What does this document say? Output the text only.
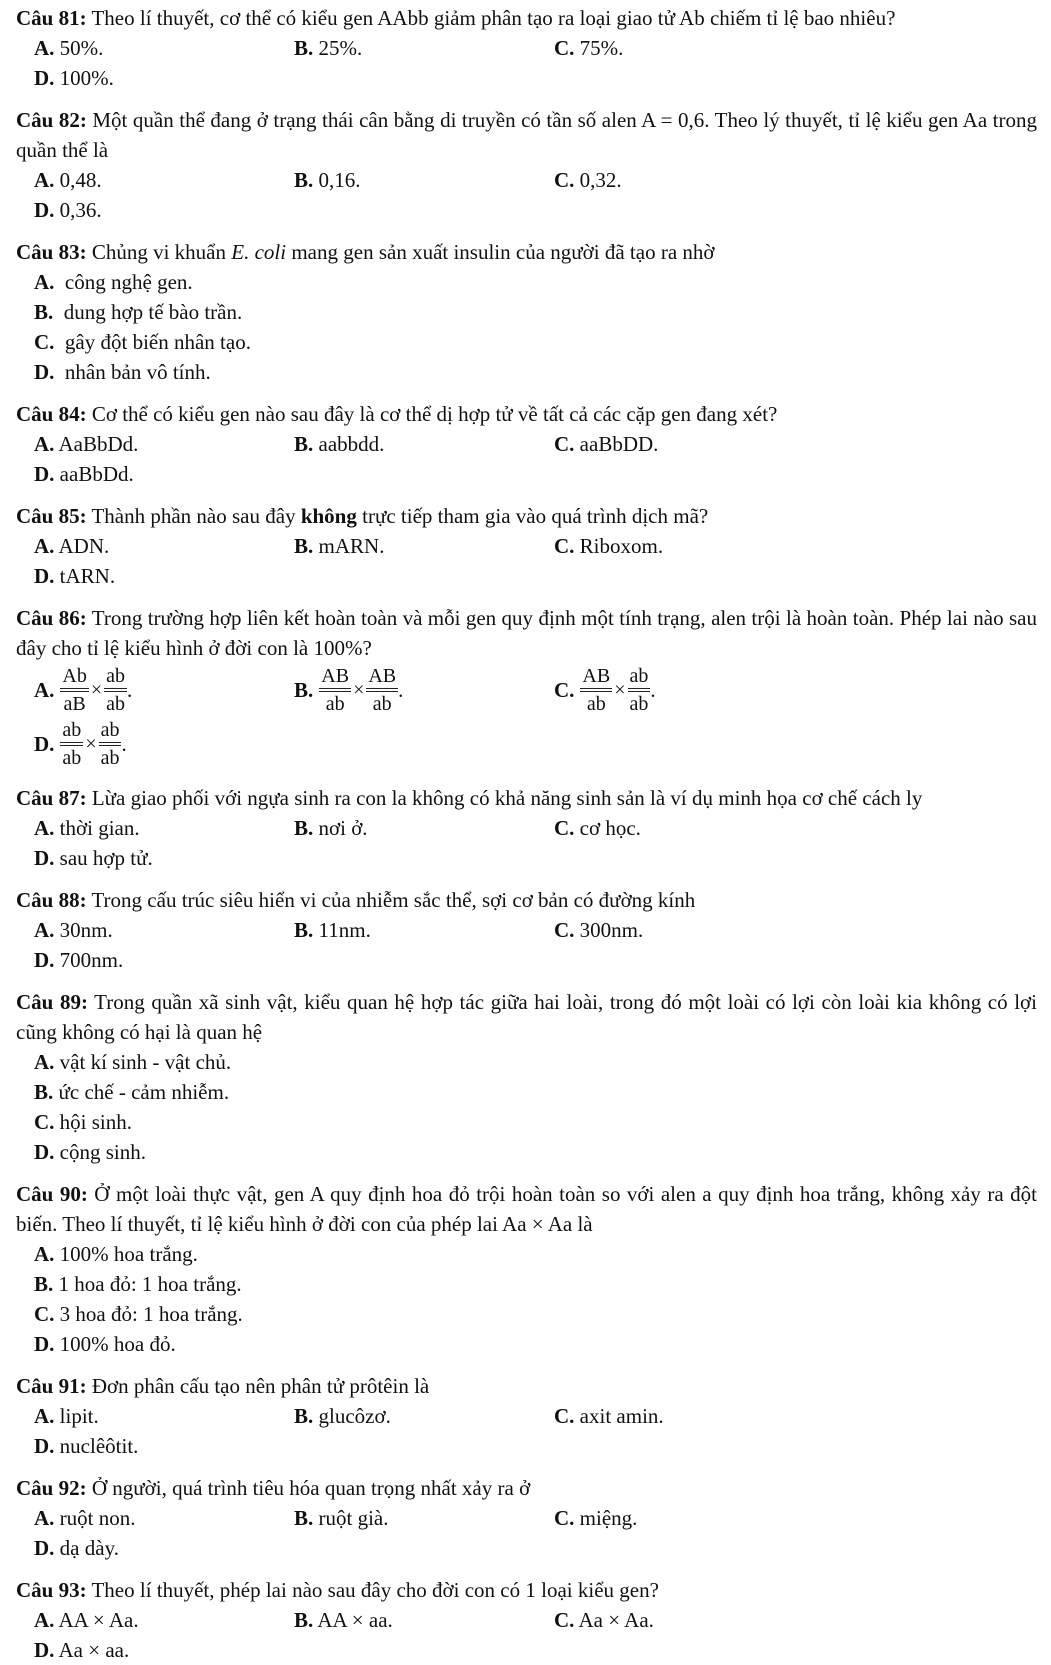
Câu 81: Theo lí thuyết, cơ thể có kiểu gen AAbb giảm phân tạo ra loại giao tử Ab chiếm tỉ lệ bao nhiêu?
A. 50%.	B. 25%.	C. 75%.
D. 100%.
Câu 82: Một quần thể đang ở trạng thái cân bằng di truyền có tần số alen A = 0,6. Theo lý thuyết, tỉ lệ kiểu gen Aa trong quần thể là
A. 0,48.	B. 0,16.	C. 0,32.
D. 0,36.
Câu 83: Chủng vi khuẩn E. coli mang gen sản xuất insulin của người đã tạo ra nhờ
A.  công nghệ gen.
B.  dung hợp tế bào trần.
C.  gây đột biến nhân tạo.
D.  nhân bản vô tính.
Câu 84: Cơ thể có kiểu gen nào sau đây là cơ thể dị hợp tử về tất cả các cặp gen đang xét?
A. AaBbDd.	B. aabbdd.	C. aaBbDD.
D. aaBbDd.
Câu 85: Thành phần nào sau đây không trực tiếp tham gia vào quá trình dịch mã?
A. ADN.	B. mARN.	C. Riboxom.
D. tARN.
Câu 86: Trong trường hợp liên kết hoàn toàn và mỗi gen quy định một tính trạng, alen trội là hoàn toàn. Phép lai nào sau đây cho tỉ lệ kiểu hình ở đời con là 100%?
A. $\frac{Ab}{aB} \times \frac{ab}{ab}$ .	B. $\frac{AB}{ab} \times \frac{AB}{ab}$ .	C. $\frac{AB}{ab} \times \frac{ab}{ab}$ .
D. $\frac{ab}{ab} \times \frac{ab}{ab}$ .
Câu 87: Lừa giao phối với ngựa sinh ra con la không có khả năng sinh sản là ví dụ minh họa cơ chế cách ly
A. thời gian.	B. nơi ở.	C. cơ học.
D. sau hợp tử.
Câu 88: Trong cấu trúc siêu hiển vi của nhiễm sắc thể, sợi cơ bản có đường kính
A. 30nm.	B. 11nm.	C. 300nm.
D. 700nm.
Câu 89: Trong quần xã sinh vật, kiểu quan hệ hợp tác giữa hai loài, trong đó một loài có lợi còn loài kia không có lợi cũng không có hại là quan hệ
A. vật kí sinh - vật chủ.
B. ức chế - cảm nhiễm.
C. hội sinh.
D. cộng sinh.
Câu 90: Ở một loài thực vật, gen A quy định hoa đỏ trội hoàn toàn so với alen a quy định hoa trắng, không xảy ra đột biến. Theo lí thuyết, tỉ lệ kiểu hình ở đời con của phép lai Aa × Aa là
A. 100% hoa trắng.
B. 1 hoa đỏ: 1 hoa trắng.
C. 3 hoa đỏ: 1 hoa trắng.
D. 100% hoa đỏ.
Câu 91: Đơn phân cấu tạo nên phân tử prôtêin là
A. lipit.	B. glucôzơ.	C. axit amin.
D. nuclêôtit.
Câu 92: Ở người, quá trình tiêu hóa quan trọng nhất xảy ra ở
A. ruột non.	B. ruột già.	C. miệng.
D. dạ dày.
Câu 93: Theo lí thuyết, phép lai nào sau đây cho đời con có 1 loại kiểu gen?
A. AA × Aa.	B. AA × aa.	C. Aa × Aa.
D. Aa × aa.
